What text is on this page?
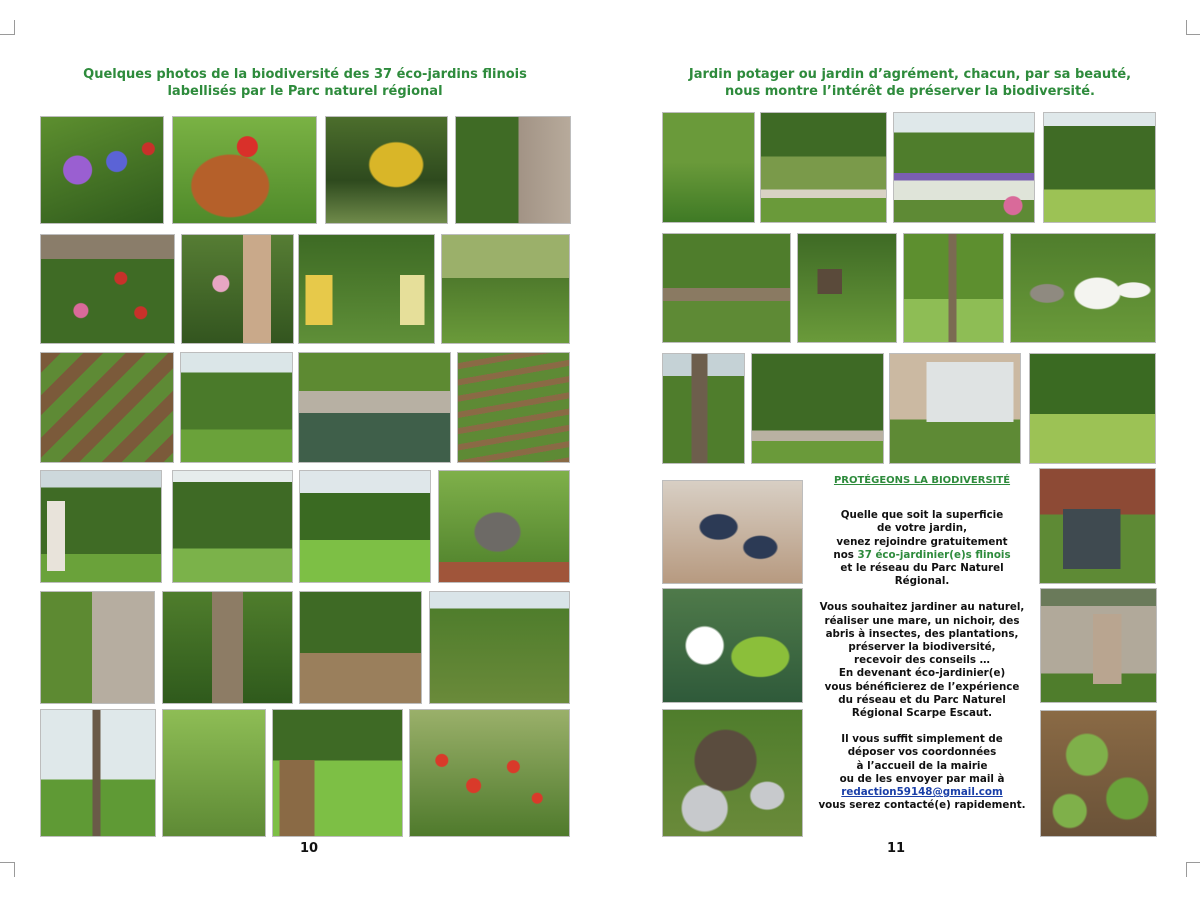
Quelques photos de la biodiversité des 37 éco-jardins flinois
labellisés par le Parc naturel régional
10
Jardin potager ou jardin d’agrément, chacun, par sa beauté,
nous montre l’intérêt de préserver la biodiversité.
PROTÉGEONS LA BIODIVERSITÉ

Quelle que soit la superficie
de votre jardin,
venez rejoindre gratuitement
nos 37 éco-jardinier(e)s flinois
et le réseau du Parc Naturel
Régional.

Vous souhaitez jardiner au naturel,
réaliser une mare, un nichoir, des
abris à insectes, des plantations,
préserver la biodiversité,
recevoir des conseils …
En devenant éco-jardinier(e)
vous bénéficierez de l’expérience
du réseau et du Parc Naturel
Régional Scarpe Escaut.

Il vous suffit simplement de
déposer vos coordonnées
à l’accueil de la mairie
ou de les envoyer par mail à
redaction59148@gmail.com
vous serez contacté(e) rapidement.

11
